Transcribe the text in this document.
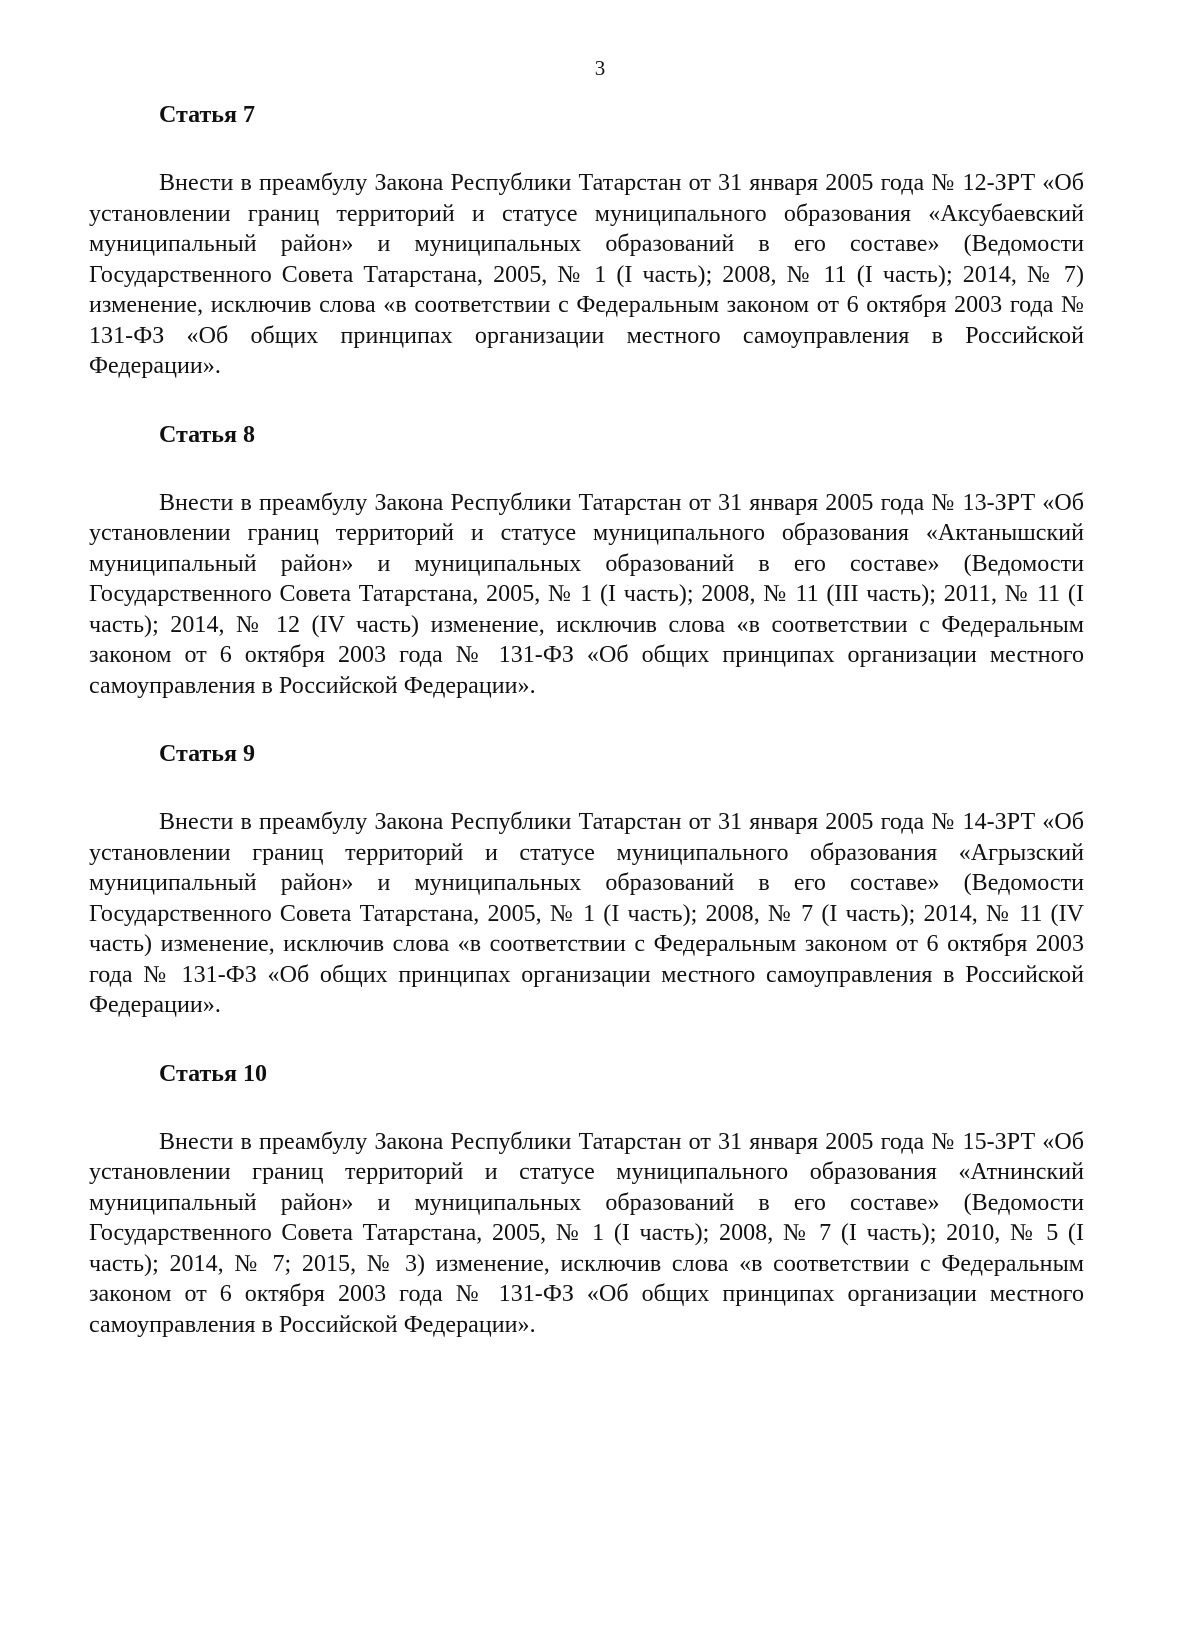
3
Статья 7

Внести в преамбулу Закона Республики Татарстан от 31 января 2005 года № 12-ЗРТ «Об установлении границ территорий и статусе муниципального образования «Аксубаевский муниципальный район» и муниципальных образований в его составе» (Ведомости Государственного Совета Татарстана, 2005, № 1 (I часть); 2008, № 11 (I часть); 2014, № 7) изменение, исключив слова «в соответствии с Федеральным законом от 6 октября 2003 года № 131-ФЗ «Об общих принципах организации местного самоуправления в Российской Федерации».

Статья 8

Внести в преамбулу Закона Республики Татарстан от 31 января 2005 года № 13-ЗРТ «Об установлении границ территорий и статусе муниципального образования «Актанышский муниципальный район» и муниципальных образований в его составе» (Ведомости Государственного Совета Татарстана, 2005, № 1 (I часть); 2008, № 11 (III часть); 2011, № 11 (I часть); 2014, № 12 (IV часть) изменение, исключив слова «в соответствии с Федеральным законом от 6 октября 2003 года № 131-ФЗ «Об общих принципах организации местного самоуправления в Российской Федерации».

Статья 9

Внести в преамбулу Закона Республики Татарстан от 31 января 2005 года № 14-ЗРТ «Об установлении границ территорий и статусе муниципального образования «Агрызский муниципальный район» и муниципальных образований в его составе» (Ведомости Государственного Совета Татарстана, 2005, № 1 (I часть); 2008, № 7 (I часть); 2014, № 11 (IV часть) изменение, исключив слова «в соответствии с Федеральным законом от 6 октября 2003 года № 131-ФЗ «Об общих принципах организации местного самоуправления в Российской Федерации».

Статья 10

Внести в преамбулу Закона Республики Татарстан от 31 января 2005 года № 15-ЗРТ «Об установлении границ территорий и статусе муниципального образования «Атнинский муниципальный район» и муниципальных образований в его составе» (Ведомости Государственного Совета Татарстана, 2005, № 1 (I часть); 2008, № 7 (I часть); 2010, № 5 (I часть); 2014, № 7; 2015, № 3) изменение, исключив слова «в соответствии с Федеральным законом от 6 октября 2003 года № 131-ФЗ «Об общих принципах организации местного самоуправления в Российской Федерации».
